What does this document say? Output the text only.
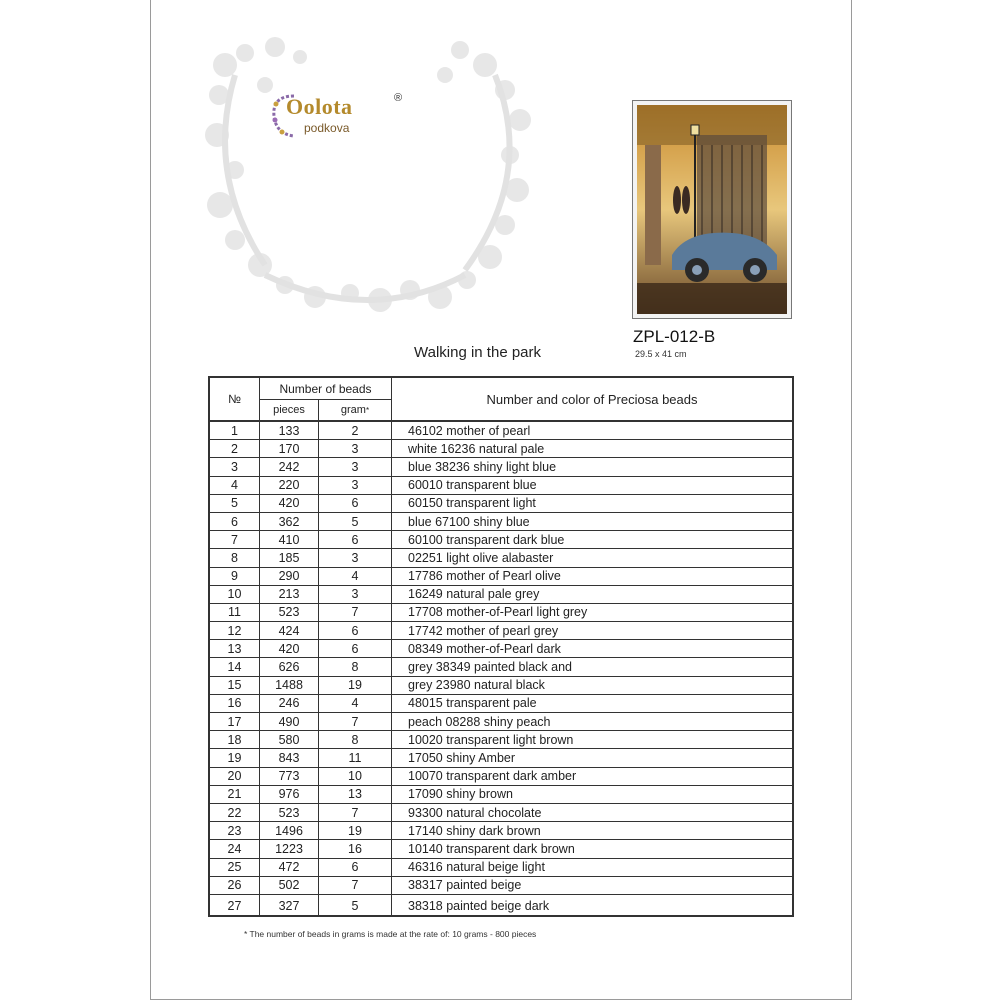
Oolota
podkova
®
ZPL-012-B
29.5 x 41 cm
Walking in the park
№
Number of beads
pieces	gram *
Number and color of Preciosa beads
1	133	2	46102 mother of pearl
2	170	3	white 16236 natural pale
3	242	3	blue 38236 shiny light blue
4	220	3	60010 transparent blue
5	420	6	60150 transparent light
6	362	5	blue 67100 shiny blue
7	410	6	60100 transparent dark blue
8	185	3	02251 light olive alabaster
9	290	4	17786 mother of Pearl olive
10	213	3	16249 natural pale grey
11	523	7	17708 mother-of-Pearl light grey
12	424	6	17742 mother of pearl grey
13	420	6	08349 mother-of-Pearl dark
14	626	8	grey 38349 painted black and
15	1488	19	grey 23980 natural black
16	246	4	48015 transparent pale
17	490	7	peach 08288 shiny peach
18	580	8	10020 transparent light brown
19	843	11	17050 shiny Amber
20	773	10	10070 transparent dark amber
21	976	13	17090 shiny brown
22	523	7	93300 natural chocolate
23	1496	19	17140 shiny dark brown
24	1223	16	10140 transparent dark brown
25	472	6	46316 natural beige light
26	502	7	38317 painted beige
27	327	5	38318 painted beige dark
* The number of beads in grams is made at the rate of: 10 grams - 800 pieces
